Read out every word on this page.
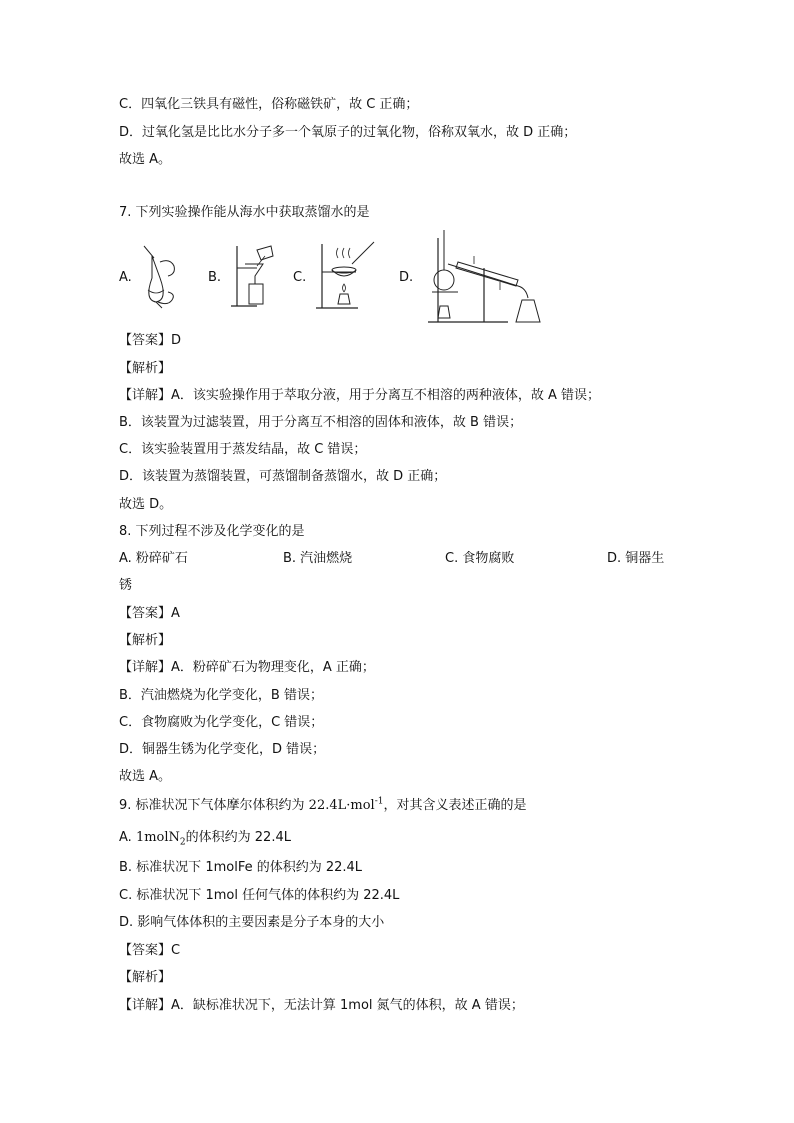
C．四氧化三铁具有磁性，俗称磁铁矿，故 C 正确；
D．过氧化氢是比比水分子多一个氧原子的过氧化物，俗称双氧水，故 D 正确；
故选 A。
7. 下列实验操作能从海水中获取蒸馏水的是
A.	B.	C.	D.
【答案】D
【解析】
【详解】A．该实验操作用于萃取分液，用于分离互不相溶的两种液体，故 A 错误；
B．该装置为过滤装置，用于分离互不相溶的固体和液体，故 B 错误；
C．该实验装置用于蒸发结晶，故 C 错误；
D．该装置为蒸馏装置，可蒸馏制备蒸馏水，故 D 正确；
故选 D。
8. 下列过程不涉及化学变化的是
A. 粉碎矿石	B. 汽油燃烧	C. 食物腐败	D. 铜器生
锈
【答案】A
【解析】
【详解】A．粉碎矿石为物理变化，A 正确；
B．汽油燃烧为化学变化，B 错误；
C．食物腐败为化学变化，C 错误；
D．铜器生锈为化学变化，D 错误；
故选 A。
9. 标准状况下气体摩尔体积约为 22.4L·mol$^{-1}$，对其含义表述正确的是
A. 1molN$_2$的体积约为 22.4L
B. 标准状况下 1molFe 的体积约为 22.4L
C. 标准状况下 1mol 任何气体的体积约为 22.4L
D. 影响气体体积的主要因素是分子本身的大小
【答案】C
【解析】
【详解】A．缺标准状况下，无法计算 1mol 氮气的体积，故 A 错误；
